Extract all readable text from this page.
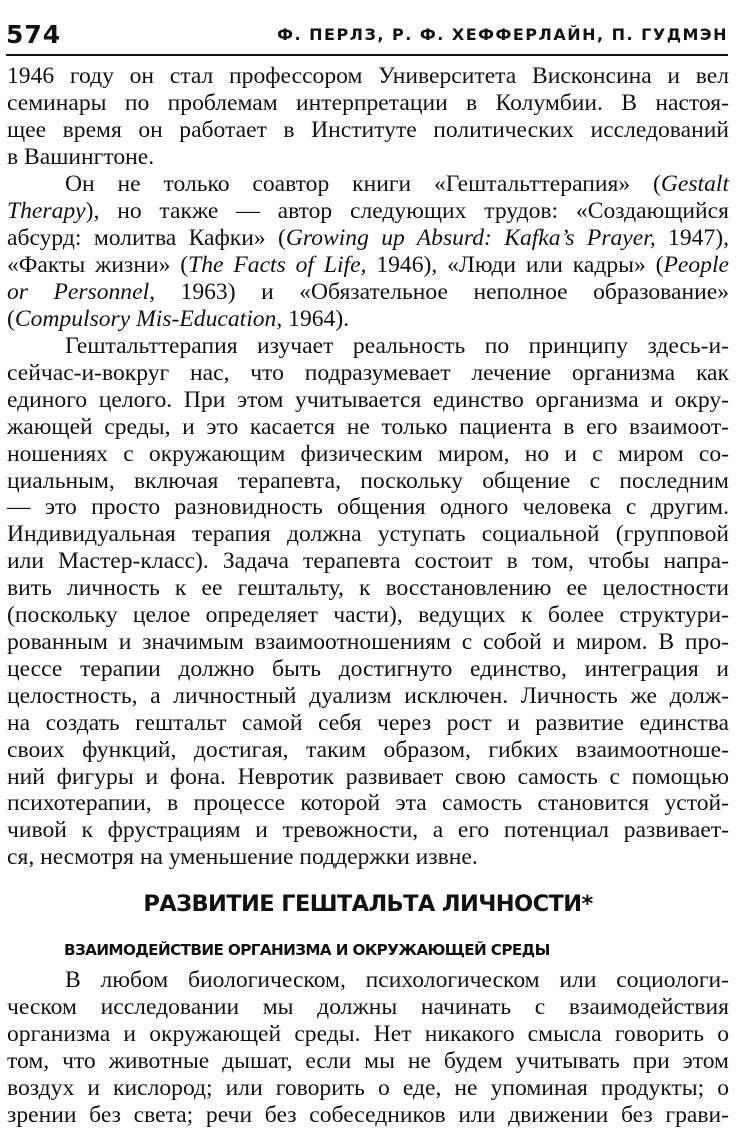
574	Ф. ПЕРЛЗ, Р. Ф. ХЕФФЕРЛАЙН, П. ГУДМЭН

1946 году он стал профессором Университета Висконсина и вел
семинары по проблемам интерпретации в Колумбии. В настоя-
щее время он работает в Институте политических исследований
в Вашингтоне.

Он не только соавтор книги «Гештальттерапия» (Gestalt
Therapy), но также — автор следующих трудов: «Создающийся
абсурд: молитва Кафки» (Growing up Absurd: Kafka’s Prayer, 1947),
«Факты жизни» (The Facts of Life, 1946), «Люди или кадры» (People
or Personnel, 1963) и «Обязательное неполное образование»
(Compulsory Mis-Education, 1964).

Гештальттерапия изучает реальность по принципу здесь-и-
сейчас-и-вокруг нас, что подразумевает лечение организма как
единого целого. При этом учитывается единство организма и окру-
жающей среды, и это касается не только пациента в его взаимоот-
ношениях с окружающим физическим миром, но и с миром со-
циальным, включая терапевта, поскольку общение с последним
— это просто разновидность общения одного человека с другим.
Индивидуальная терапия должна уступать социальной (групповой
или Мастер-класс). Задача терапевта состоит в том, чтобы напра-
вить личность к ее гештальту, к восстановлению ее целостности
(поскольку целое определяет части), ведущих к более структури-
рованным и значимым взаимоотношениям с собой и миром. В про-
цессе терапии должно быть достигнуто единство, интеграция и
целостность, а личностный дуализм исключен. Личность же долж-
на создать гештальт самой себя через рост и развитие единства
своих функций, достигая, таким образом, гибких взаимоотноше-
ний фигуры и фона. Невротик развивает свою самость с помощью
психотерапии, в процессе которой эта самость становится устой-
чивой к фрустрациям и тревожности, а его потенциал развивает-
ся, несмотря на уменьшение поддержки извне.

РАЗВИТИЕ ГЕШТАЛЬТА ЛИЧНОСТИ*
ВЗАИМОДЕЙСТВИЕ ОРГАНИЗМА И ОКРУЖАЮЩЕЙ СРЕДЫ

В любом биологическом, психологическом или социологи-
ческом исследовании мы должны начинать с взаимодействия
организма и окружающей среды. Нет никакого смысла говорить о
том, что животные дышат, если мы не будем учитывать при этом
воздух и кислород; или говорить о еде, не упоминая продукты; о
зрении без света; речи без собеседников или движении без грави-
